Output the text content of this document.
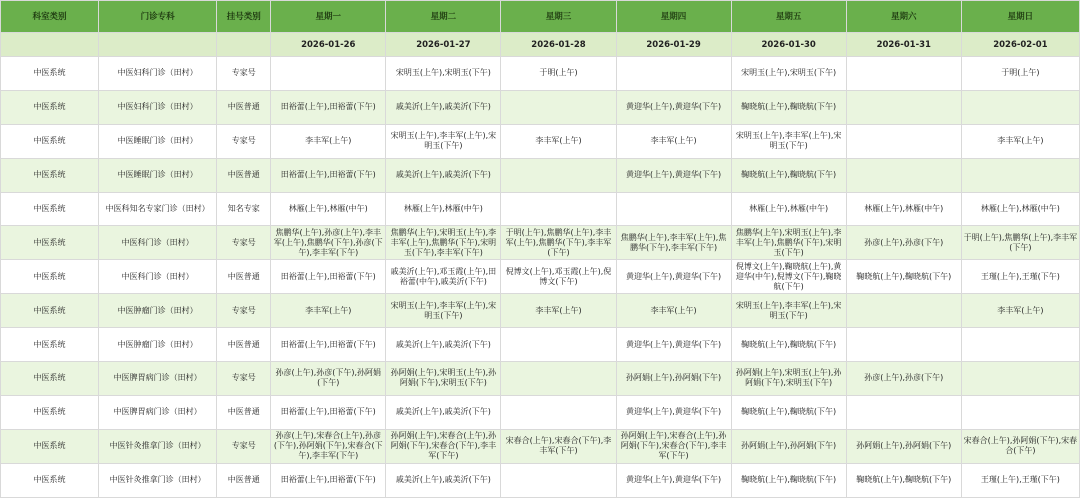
科室类别	门诊专科	挂号类别	星期一	星期二	星期三	星期四	星期五	星期六	星期日
			2026-01-26	2026-01-27	2026-01-28	2026-01-29	2026-01-30	2026-01-31	2026-02-01
中医系统	中医妇科门诊（田村）	专家号		宋明玉(上午),宋明玉(下午)	于明(上午)		宋明玉(上午),宋明玉(下午)		于明(上午)
中医系统	中医妇科门诊（田村）	中医普通	田裕蕾(上午),田裕蕾(下午)	戚美沂(上午),戚美沂(下午)		黄迎华(上午),黄迎华(下午)	鞠晓航(上午),鞠晓航(下午)		
中医系统	中医睡眠门诊（田村）	专家号	李丰军(上午)	宋明玉(上午),李丰军(上午),宋明玉(下午)	李丰军(上午)	李丰军(上午)	宋明玉(上午),李丰军(上午),宋明玉(下午)		李丰军(上午)
中医系统	中医睡眠门诊（田村）	中医普通	田裕蕾(上午),田裕蕾(下午)	戚美沂(上午),戚美沂(下午)		黄迎华(上午),黄迎华(下午)	鞠晓航(上午),鞠晓航(下午)		
中医系统	中医科知名专家门诊（田村）	知名专家	林雁(上午),林雁(中午)	林雁(上午),林雁(中午)			林雁(上午),林雁(中午)	林雁(上午),林雁(中午)	林雁(上午),林雁(中午)
中医系统	中医科门诊（田村）	专家号	焦鹏华(上午),孙彦(上午),李丰军(上午),焦鹏华(下午),孙彦(下午),李丰军(下午)	焦鹏华(上午),宋明玉(上午),李丰军(上午),焦鹏华(下午),宋明玉(下午),李丰军(下午)	于明(上午),焦鹏华(上午),李丰军(上午),焦鹏华(下午),李丰军(下午)	焦鹏华(上午),李丰军(上午),焦鹏华(下午),李丰军(下午)	焦鹏华(上午),宋明玉(上午),李丰军(上午),焦鹏华(下午),宋明玉(下午)	孙彦(上午),孙彦(下午)	于明(上午),焦鹏华(上午),李丰军(下午)
中医系统	中医科门诊（田村）	中医普通	田裕蕾(上午),田裕蕾(下午)	戚美沂(上午),邓玉霞(上午),田裕蕾(中午),戚美沂(下午)	倪博文(上午),邓玉霞(上午),倪博文(下午)	黄迎华(上午),黄迎华(下午)	倪博文(上午),鞠晓航(上午),黄迎华(中午),倪博文(下午),鞠晓航(下午)	鞠晓航(上午),鞠晓航(下午)	王瑾(上午),王瑾(下午)
中医系统	中医肿瘤门诊（田村）	专家号	李丰军(上午)	宋明玉(上午),李丰军(上午),宋明玉(下午)	李丰军(上午)	李丰军(上午)	宋明玉(上午),李丰军(上午),宋明玉(下午)		李丰军(上午)
中医系统	中医肿瘤门诊（田村）	中医普通	田裕蕾(上午),田裕蕾(下午)	戚美沂(上午),戚美沂(下午)		黄迎华(上午),黄迎华(下午)	鞠晓航(上午),鞠晓航(下午)		
中医系统	中医脾胃病门诊（田村）	专家号	孙彦(上午),孙彦(下午),孙阿娟(下午)	孙阿娟(上午),宋明玉(上午),孙阿娟(下午),宋明玉(下午)		孙阿娟(上午),孙阿娟(下午)	孙阿娟(上午),宋明玉(上午),孙阿娟(下午),宋明玉(下午)	孙彦(上午),孙彦(下午)	
中医系统	中医脾胃病门诊（田村）	中医普通	田裕蕾(上午),田裕蕾(下午)	戚美沂(上午),戚美沂(下午)		黄迎华(上午),黄迎华(下午)	鞠晓航(上午),鞠晓航(下午)		
中医系统	中医针灸推拿门诊（田村）	专家号	孙彦(上午),宋春合(上午),孙彦(下午),孙阿娟(下午),宋春合(下午),李丰军(下午)	孙阿娟(上午),宋春合(上午),孙阿娟(下午),宋春合(下午),李丰军(下午)	宋春合(上午),宋春合(下午),李丰军(下午)	孙阿娟(上午),宋春合(上午),孙阿娟(下午),宋春合(下午),李丰军(下午)	孙阿娟(上午),孙阿娟(下午)	孙阿娟(上午),孙阿娟(下午)	宋春合(上午),孙阿娟(下午),宋春合(下午)
中医系统	中医针灸推拿门诊（田村）	中医普通	田裕蕾(上午),田裕蕾(下午)	戚美沂(上午),戚美沂(下午)		黄迎华(上午),黄迎华(下午)	鞠晓航(上午),鞠晓航(下午)	鞠晓航(上午),鞠晓航(下午)	王瑾(上午),王瑾(下午)
